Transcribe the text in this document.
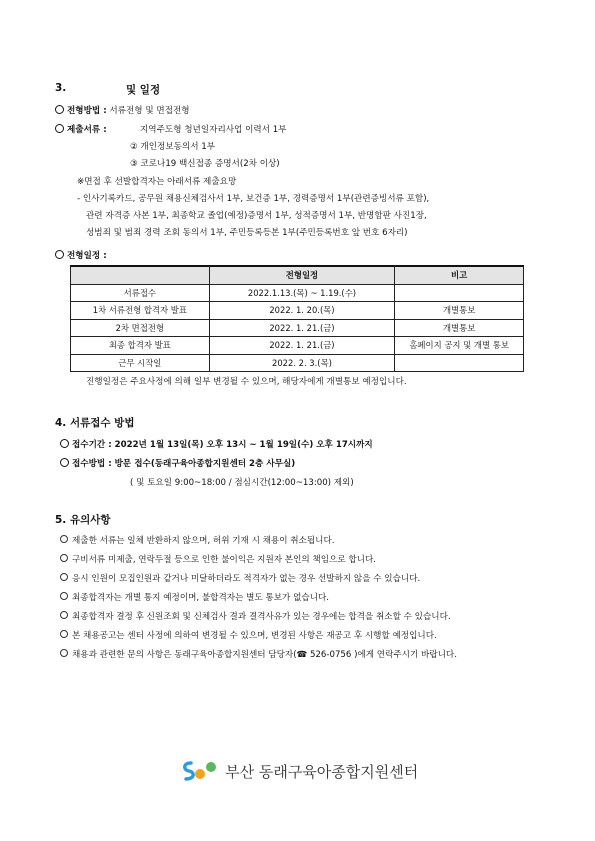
3.	및 일정
전형방법 : 서류전형 및 면접전형
제출서류 :	지역주도형 청년일자리사업 이력서 1부
② 개인정보동의서 1부
③ 코로나19 백신접종 증명서(2차 이상)
※면접 후 선발합격자는 아래서류 제출요망
- 인사기록카드, 공무원 채용신체검사서 1부, 보건증 1부, 경력증명서 1부(관련증빙서류 포함),
관련 자격증 사본 1부, 최종학교 졸업(예정)증명서 1부, 성적증명서 1부, 반명함판 사진1장,
성범죄 및 범죄 경력 조회 동의서 1부, 주민등록등본 1부(주민등록번호 앞 번호 6자리)
전형일정 :
	전형일정	비고
서류접수	2022.1.13.(목) ~ 1.19.(수)	
1차 서류전형 합격자 발표	2022. 1. 20.(목)	개별통보
2차 면접전형	2022. 1. 21.(금)	개별통보
최종 합격자 발표	2022. 1. 21.(금)	홈페이지 공지 및 개별 통보
근무 시작일	2022. 2. 3.(목)	
진행일정은 주요사정에 의해 일부 변경될 수 있으며, 해당자에게 개별통보 예정입니다.
4. 서류접수 방법
접수기간 : 2022년 1월 13일(목) 오후 13시 ~ 1월 19일(수) 오후 17시까지
접수방법 : 방문 접수(동래구육아종합지원센터 2층 사무실)
( 및 토요일 9:00~18:00 / 점심시간(12:00~13:00) 제외)
5. 유의사항
제출한 서류는 일체 반환하지 않으며, 허위 기재 시 채용이 취소됩니다.
구비서류 미제출, 연락두절 등으로 인한 불이익은 지원자 본인의 책임으로 합니다.
응시 인원이 모집인원과 같거나 미달하더라도 적격자가 없는 경우 선발하지 않을 수 있습니다.
최종합격자는 개별 통지 예정이며, 불합격자는 별도 통보가 없습니다.
최종합격자 결정 후 신원조회 및 신체검사 결과 결격사유가 있는 경우에는 합격을 취소할 수 있습니다.
본 채용공고는 센터 사정에 의하여 변경될 수 있으며, 변경된 사항은 재공고 후 시행할 예정입니다.
채용과 관련한 문의 사항은 동래구육아종합지원센터 담당자(☎ 526-0756 )에게 연락주시기 바랍니다.
부산 동래구육아종합지원센터
